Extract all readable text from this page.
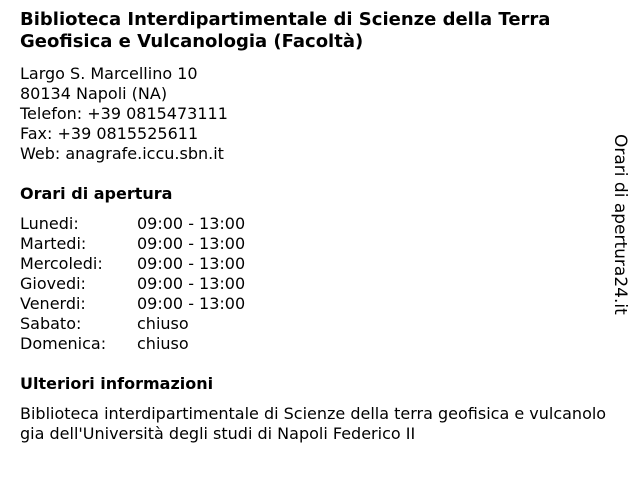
Biblioteca Interdipartimentale di Scienze della Terra Geofisica e Vulcanologia (Facoltà)
Largo S. Marcellino 10
80134 Napoli (NA)
Telefon: +39 0815473111
Fax: +39 0815525611
Web: anagrafe.iccu.sbn.it
Orari di apertura
Lunedi:	09:00 - 13:00
Martedi:	09:00 - 13:00
Mercoledi: 09:00 - 13:00
Giovedi:	09:00 - 13:00
Venerdi:	09:00 - 13:00
Sabato:	chiuso
Domenica: chiuso
Ulteriori informazioni
Biblioteca interdipartimentale di Scienze della terra geofisica e vulcanologia dell'Università degli studi di Napoli Federico II
Orari di apertura24.it
